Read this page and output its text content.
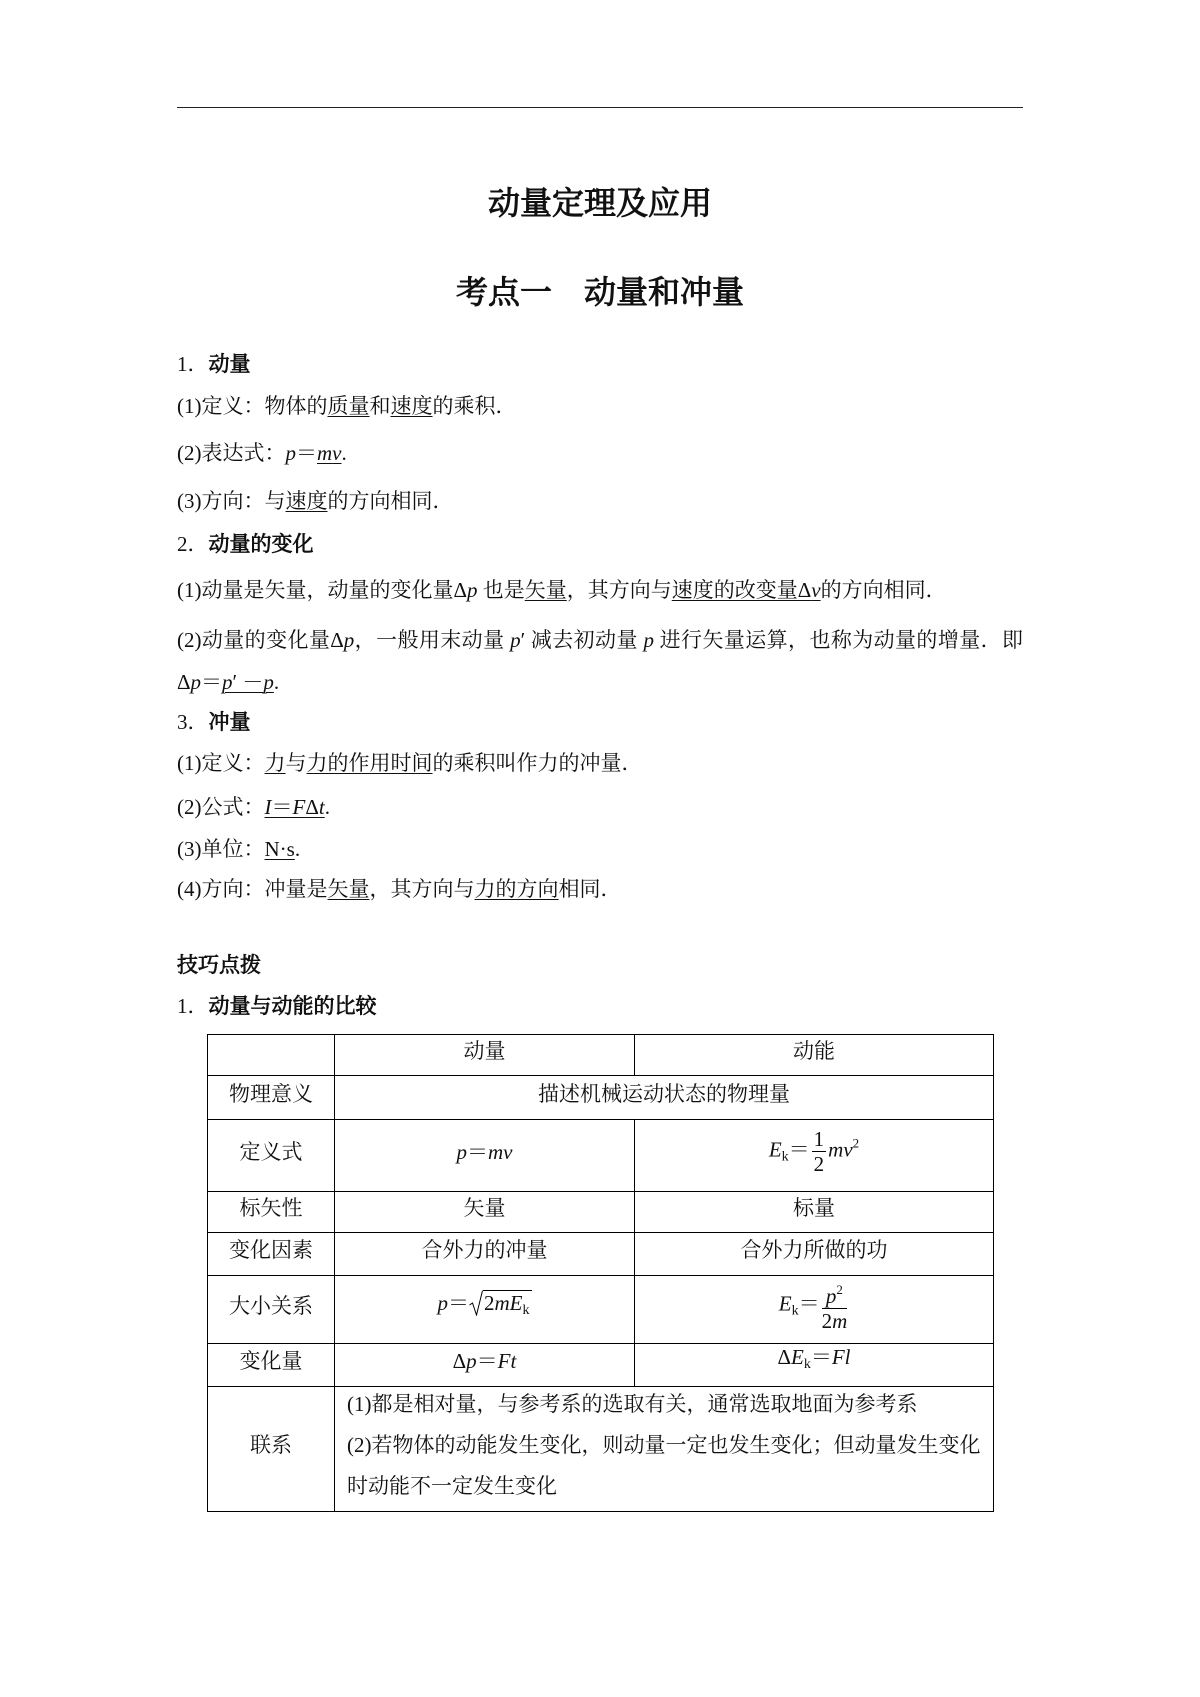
动量定理及应用
考点一　动量和冲量
1．动量
(1)定义：物体的质量和速度的乘积．
(2)表达式：p＝mv.
(3)方向：与速度的方向相同．
2．动量的变化
(1)动量是矢量，动量的变化量Δp 也是矢量，其方向与速度的改变量Δv的方向相同．
(2)动量的变化量Δp，一般用末动量 p′ 减去初动量 p 进行矢量运算，也称为动量的增量．即
Δp＝p′ －p.
3．冲量
(1)定义：力与力的作用时间的乘积叫作力的冲量．
(2)公式：I＝FΔt.
(3)单位：N·s.
(4)方向：冲量是矢量，其方向与力的方向相同．
技巧点拨
1．动量与动能的比较
	动量	动能
物理意义	描述机械运动状态的物理量	
定义式	p＝mv	$E_k= \frac{1}{2} mv^2$
标矢性	矢量	标量
变化因素	合外力的冲量	合外力所做的功
大小关系	$p= 2mE_k$	$E_k= \frac{p^2}{2m}$

变化量	Δp＝Ft	$\Delta E_k=Fl$
联系	(1)都是相对量，与参考系的选取有关，通常选取地面为参考系
(2)若物体的动能发生变化，则动量一定也发生变化；但动量发生变化
时动能不一定发生变化	
